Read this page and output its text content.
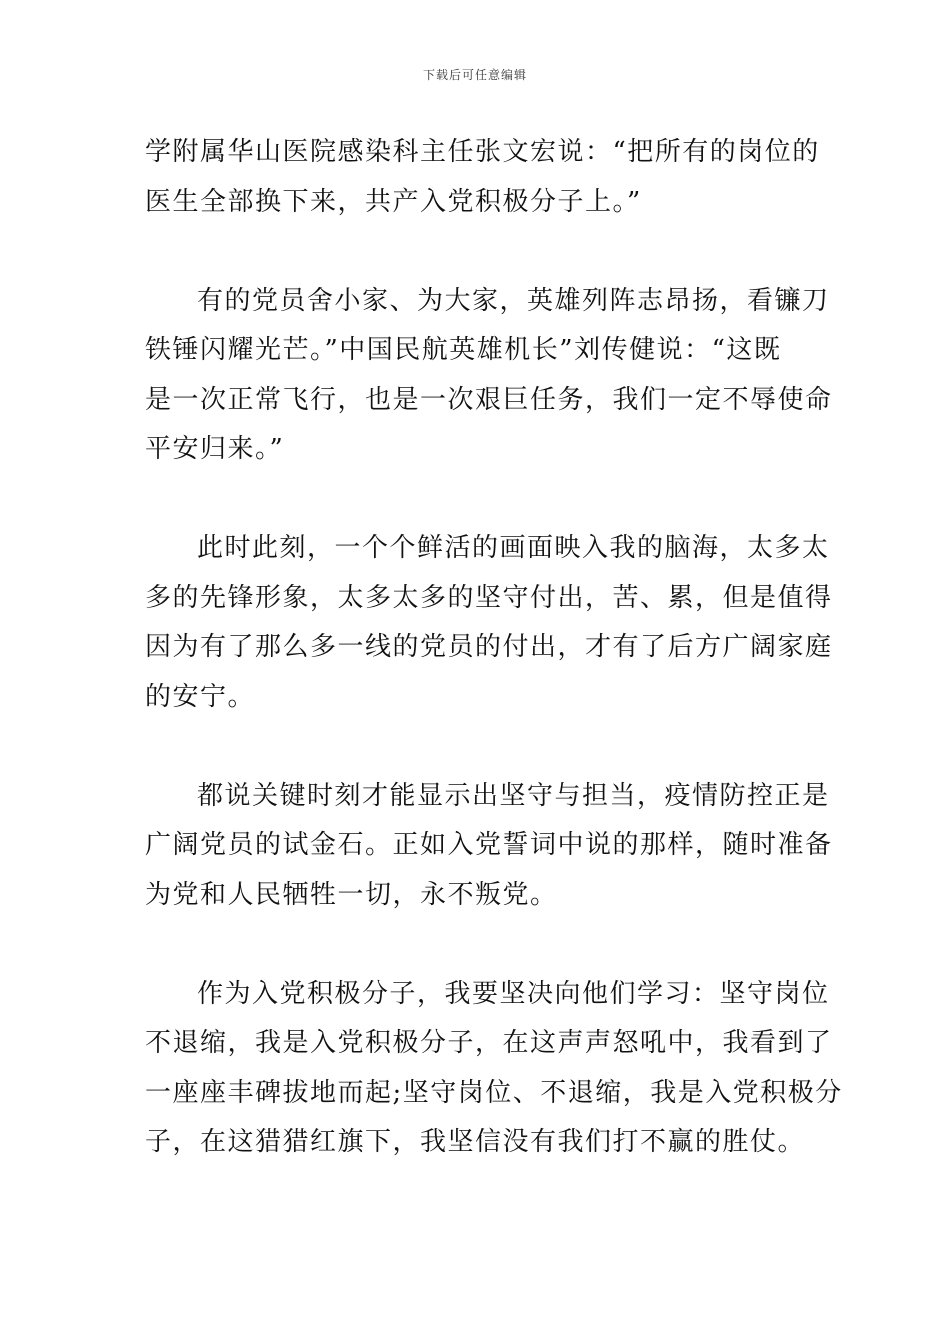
下载后可任意编辑
学附属华山医院感染科主任张文宏说：“把所有的岗位的
医生全部换下来，共产入党积极分子上。”
有的党员舍小家、为大家，英雄列阵志昂扬，看镰刀
铁锤闪耀光芒。”中国民航英雄机长”刘传健说：“这既
是一次正常飞行，也是一次艰巨任务，我们一定不辱使命
平安归来。”
此时此刻，一个个鲜活的画面映入我的脑海，太多太
多的先锋形象，太多太多的坚守付出，苦、累，但是值得
因为有了那么多一线的党员的付出，才有了后方广阔家庭
的安宁。
都说关键时刻才能显示出坚守与担当，疫情防控正是
广阔党员的试金石。正如入党誓词中说的那样，随时准备
为党和人民牺牲一切，永不叛党。
作为入党积极分子，我要坚决向他们学习：坚守岗位
不退缩，我是入党积极分子，在这声声怒吼中，我看到了
一座座丰碑拔地而起;坚守岗位、不退缩，我是入党积极分
子，在这猎猎红旗下，我坚信没有我们打不赢的胜仗。
